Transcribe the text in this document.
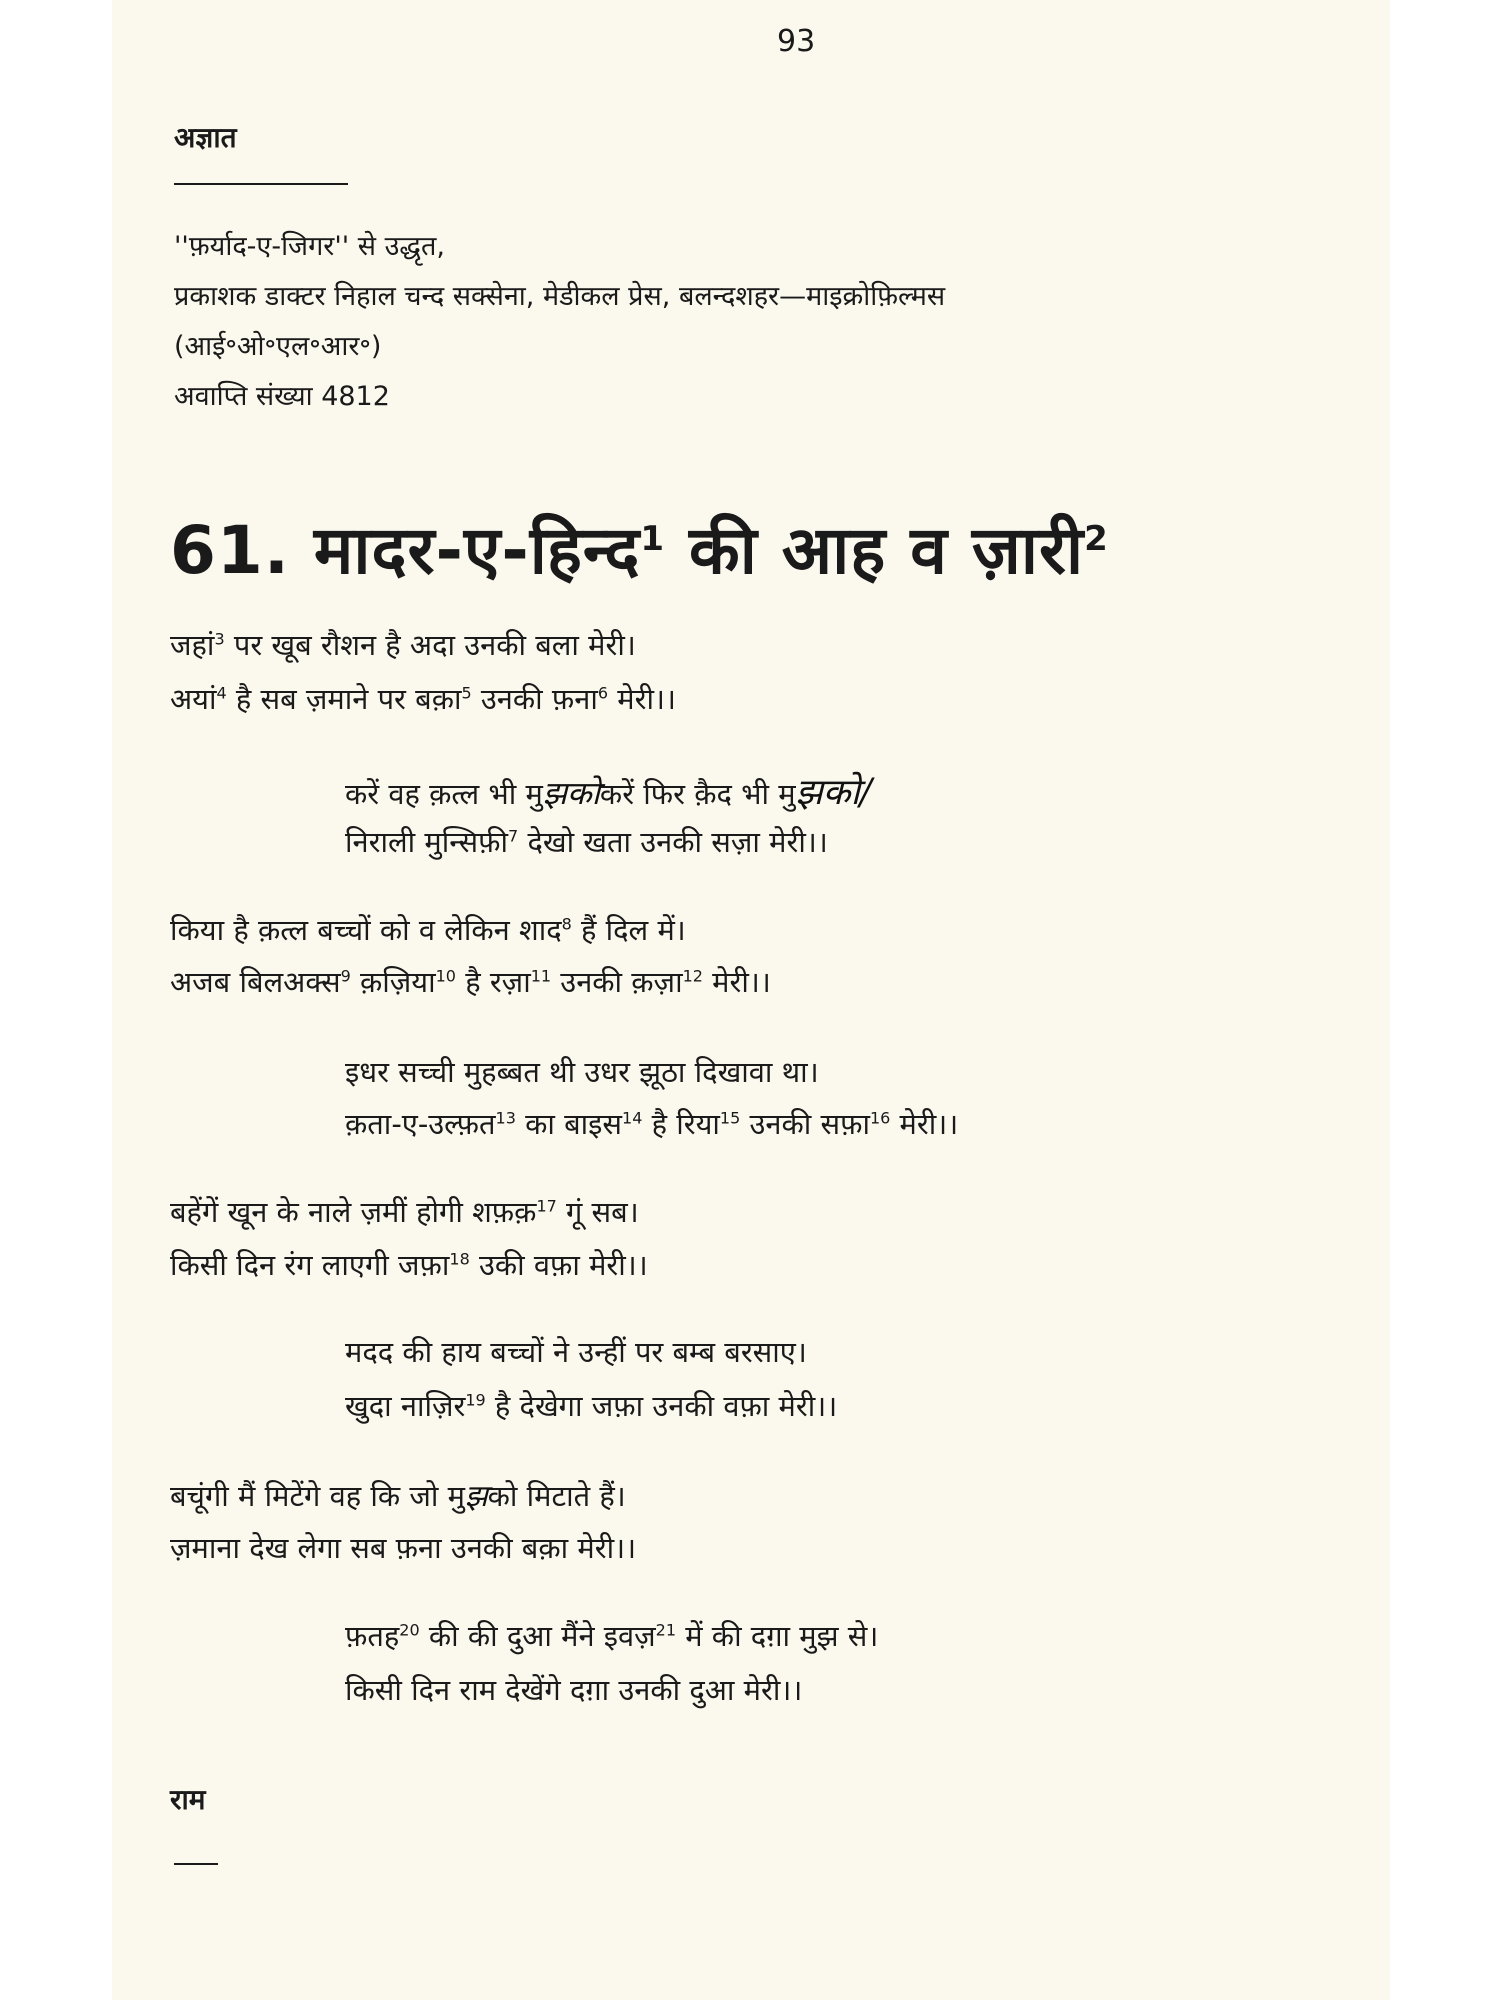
93
अज्ञात
''फ़र्याद-ए-जिगर'' से उद्धृत,
प्रकाशक डाक्टर निहाल चन्द सक्सेना, मेडीकल प्रेस, बलन्दशहर—माइक्रोफ़िल्मस
(आई॰ओ॰एल॰आर॰)
अवाप्ति संख्या 4812
61. मादर-ए-हिन्द$^1$ की आह व ज़ारी$^2$
जहां$^3$ पर खूब रौशन है अदा उनकी बला मेरी।
अयां$^4$ है सब ज़माने पर बक़ा$^5$ उनकी फ़ना$^6$ मेरी।।
करें वह क़त्ल भी मुझकोकरें फिर क़ैद भी मुझको/
निराली मुन्सिफ़ी$^7$ देखो खता उनकी सज़ा मेरी।।
किया है क़त्ल बच्चों को व लेकिन शाद$^8$ हैं दिल में।
अजब बिलअक्स$^9$ क़ज़िया$^{10}$ है रज़ा$^{11}$ उनकी क़ज़ा$^{12}$ मेरी।।
इधर सच्ची मुहब्बत थी उधर झूठा दिखावा था।
क़ता-ए-उल्फ़त$^{13}$ का बाइस$^{14}$ है रिया$^{15}$ उनकी सफ़ा$^{16}$ मेरी।।
बहेंगें खून के नाले ज़मीं होगी शफ़क़$^{17}$ गूं सब।
किसी दिन रंग लाएगी जफ़ा$^{18}$ उकी वफ़ा मेरी।।
मदद की हाय बच्चों ने उन्हीं पर बम्ब बरसाए।
खुदा नाज़िर$^{19}$ है देखेगा जफ़ा उनकी वफ़ा मेरी।।
बचूंगी मैं मिटेंगे वह कि जो मुझको मिटाते हैं।
ज़माना देख लेगा सब फ़ना उनकी बक़ा मेरी।।
फ़तह$^{20}$ की की दुआ मैंने इवज़$^{21}$ में की दग़ा मुझ से।
किसी दिन राम देखेंगे दग़ा उनकी दुआ मेरी।।
राम
